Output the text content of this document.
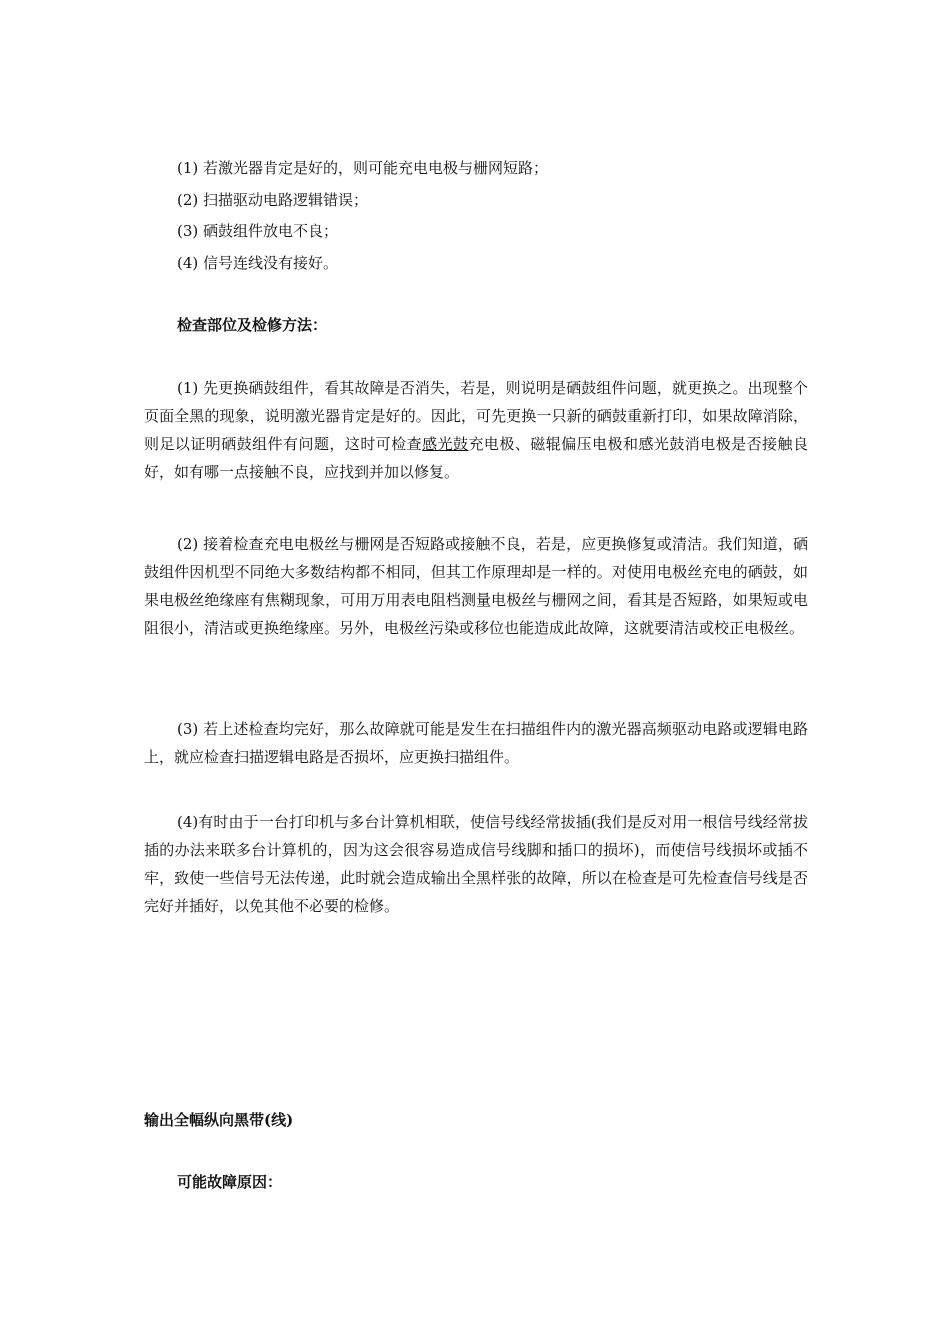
(1) 若激光器肯定是好的，则可能充电电极与栅网短路；
(2) 扫描驱动电路逻辑错误；
(3) 硒鼓组件放电不良；
(4) 信号连线没有接好。
检查部位及检修方法：
(1) 先更换硒鼓组件，看其故障是否消失，若是，则说明是硒鼓组件问题，就更换之。出现整个页面全黑的现象，说明激光器肯定是好的。因此，可先更换一只新的硒鼓重新打印，如果故障消除，则足以证明硒鼓组件有问题，这时可检查感光鼓充电极、磁辊偏压电极和感光鼓消电极是否接触良好，如有哪一点接触不良，应找到并加以修复。
(2) 接着检查充电电极丝与栅网是否短路或接触不良，若是，应更换修复或清洁。我们知道，硒鼓组件因机型不同绝大多数结构都不相同，但其工作原理却是一样的。对使用电极丝充电的硒鼓，如果电极丝绝缘座有焦糊现象，可用万用表电阻档测量电极丝与栅网之间，看其是否短路，如果短或电阻很小，清洁或更换绝缘座。另外，电极丝污染或移位也能造成此故障，这就要清洁或校正电极丝。
(3) 若上述检查均完好，那么故障就可能是发生在扫描组件内的激光器高频驱动电路或逻辑电路上，就应检查扫描逻辑电路是否损坏，应更换扫描组件。
(4)有时由于一台打印机与多台计算机相联，使信号线经常拔插(我们是反对用一根信号线经常拔插的办法来联多台计算机的，因为这会很容易造成信号线脚和插口的损坏)，而使信号线损坏或插不牢，致使一些信号无法传递，此时就会造成输出全黑样张的故障，所以在检查是可先检查信号线是否完好并插好，以免其他不必要的检修。
输出全幅纵向黑带(线)
可能故障原因：
